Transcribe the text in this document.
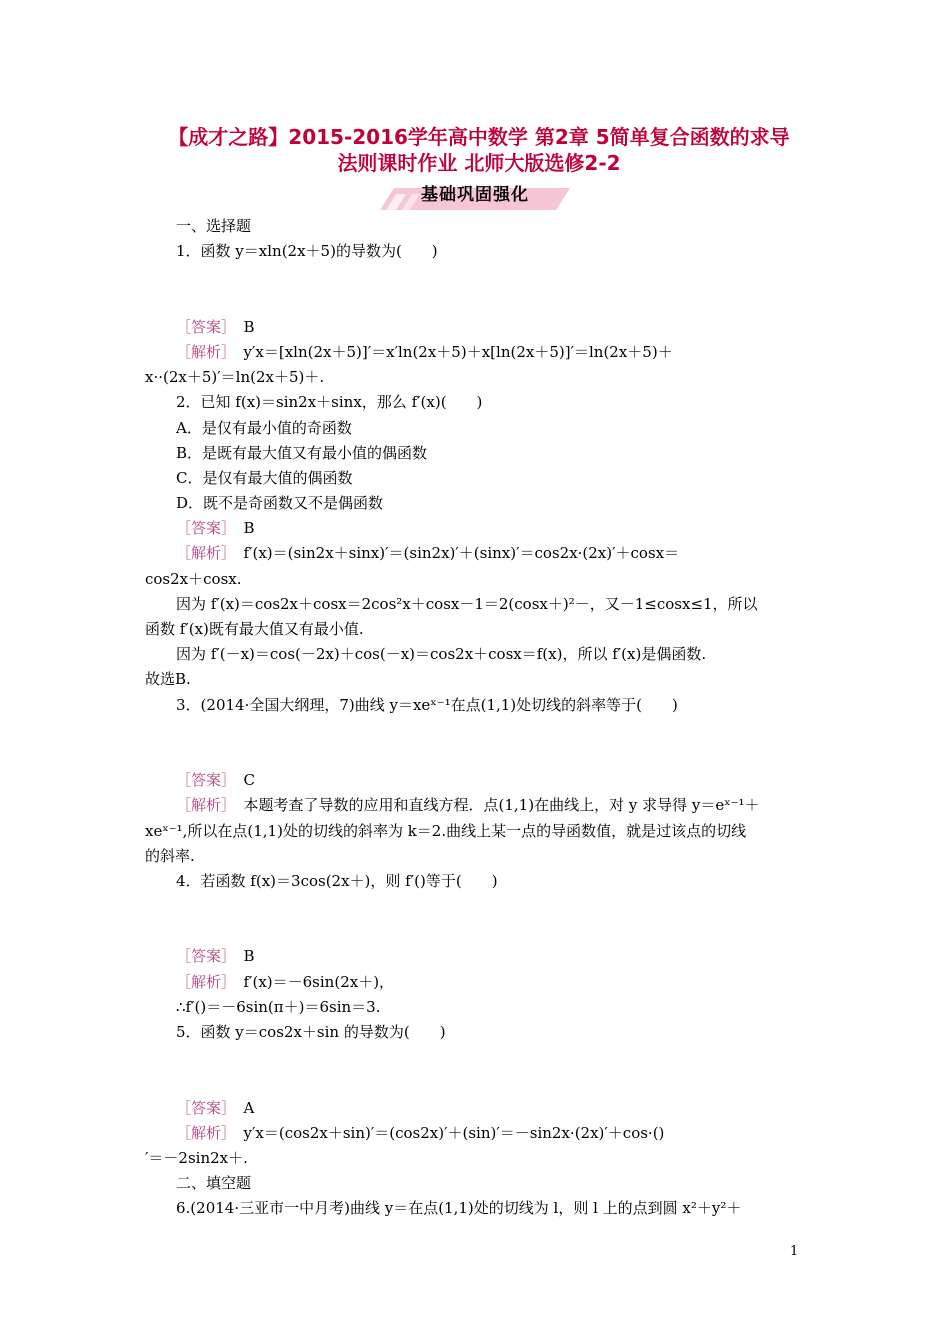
【成才之路】2015-2016学年高中数学 第2章 5简单复合函数的求导
法则课时作业 北师大版选修2-2
基础巩固强化
一、选择题
1．函数 y＝xln(2x＋5)的导数为(　　)

［答案］　B
［解析］　y′x＝[xln(2x＋5)]′＝x′ln(2x＋5)＋x[ln(2x＋5)]′＝ln(2x＋5)＋
x··(2x＋5)′＝ln(2x＋5)＋.
2．已知 f(x)＝sin2x＋sinx，那么 f′(x)(　　)
A．是仅有最小值的奇函数
B．是既有最大值又有最小值的偶函数
C．是仅有最大值的偶函数
D．既不是奇函数又不是偶函数
［答案］　B
［解析］　f′(x)＝(sin2x＋sinx)′＝(sin2x)′＋(sinx)′＝cos2x·(2x)′＋cosx＝
cos2x＋cosx.
因为 f′(x)＝cos2x＋cosx＝2cos²x＋cosx－1＝2(cosx＋)²－，又－1≤cosx≤1，所以
函数 f′(x)既有最大值又有最小值.
因为 f′(－x)＝cos(－2x)＋cos(－x)＝cos2x＋cosx＝f(x)，所以 f′(x)是偶函数.
故选B.
3．(2014·全国大纲理，7)曲线 y＝xeˣ⁻¹在点(1,1)处切线的斜率等于(　　)

［答案］　C
［解析］　本题考查了导数的应用和直线方程．点(1,1)在曲线上，对 y 求导得 y＝eˣ⁻¹＋
xeˣ⁻¹,所以在点(1,1)处的切线的斜率为 k＝2.曲线上某一点的导函数值，就是过该点的切线
的斜率.
4．若函数 f(x)＝3cos(2x＋)，则 f′()等于(　　)

［答案］　B
［解析］　f′(x)＝－6sin(2x＋)，
∴f′()＝－6sin(π＋)＝6sin＝3.
5．函数 y＝cos2x＋sin 的导数为(　　)

［答案］　A
［解析］　y′x＝(cos2x＋sin)′＝(cos2x)′＋(sin)′＝－sin2x·(2x)′＋cos·()
′＝－2sin2x＋.
二、填空题
6.(2014·三亚市一中月考)曲线 y＝在点(1,1)处的切线为 l，则 l 上的点到圆 x²＋y²＋
1
